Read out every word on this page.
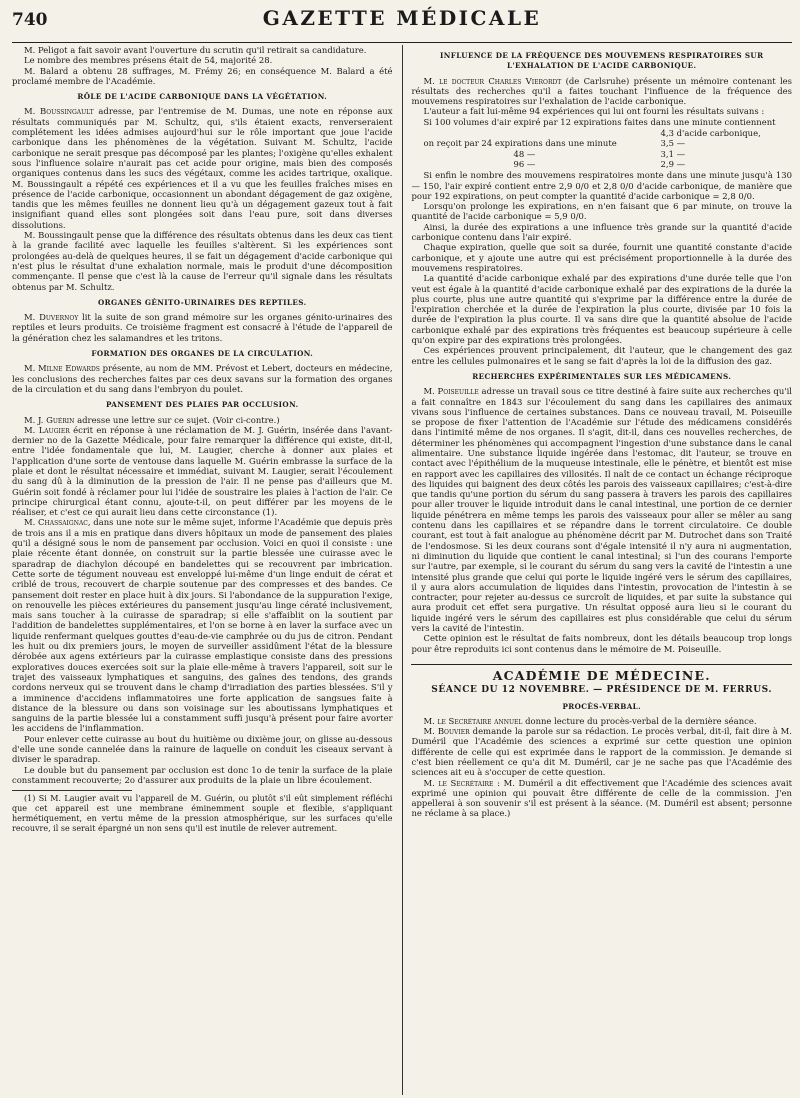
740	GAZETTE MÉDICALE

M. Peligot a fait savoir avant l'ouverture du scrutin qu'il retirait sa candidature.

Le nombre des membres présens était de 54, majorité 28.

M. Balard a obtenu 28 suffrages, M. Frémy 26; en conséquence M. Balard a été proclamé membre de l'Académie.

RÔLE DE L'ACIDE CARBONIQUE DANS LA VÉGÉTATION.

M. Boussingault adresse, par l'entremise de M. Dumas, une note en réponse aux résultats communiqués par M. Schultz, qui, s'ils étaient exacts, renverseraient complétement les idées admises aujourd'hui sur le rôle important que joue l'acide carbonique dans les phénomènes de la végétation. Suivant M. Schultz, l'acide carbonique ne serait presque pas décomposé par les plantes; l'oxigène qu'elles exhalent sous l'influence solaire n'aurait pas cet acide pour origine, mais bien des composés organiques contenus dans les sucs des végétaux, comme les acides tartrique, oxalique. M. Boussingault a répété ces expériences et il a vu que les feuilles fraîches mises en présence de l'acide carbonique, occasionnent un abondant dégagement de gaz oxigène, tandis que les mêmes feuilles ne donnent lieu qu'à un dégagement gazeux tout à fait insignifiant quand elles sont plongées soit dans l'eau pure, soit dans diverses dissolutions.

M. Boussingault pense que la différence des résultats obtenus dans les deux cas tient à la grande facilité avec laquelle les feuilles s'altèrent. Si les expériences sont prolongées au-delà de quelques heures, il se fait un dégagement d'acide carbonique qui n'est plus le résultat d'une exhalation normale, mais le produit d'une décomposition commençante. Il pense que c'est là la cause de l'erreur qu'il signale dans les résultats obtenus par M. Schultz.

ORGANES GÉNITO-URINAIRES DES REPTILES.

M. Duvernoy lit la suite de son grand mémoire sur les organes génito-urinaires des reptiles et leurs produits. Ce troisième fragment est consacré à l'étude de l'appareil de la génération chez les salamandres et les tritons.

FORMATION DES ORGANES DE LA CIRCULATION.

M. Milne Edwards présente, au nom de MM. Prévost et Lebert, docteurs en médecine, les conclusions des recherches faites par ces deux savans sur la formation des organes de la circulation et du sang dans l'embryon du poulet.

PANSEMENT DES PLAIES PAR OCCLUSION.

M. J. Guérin adresse une lettre sur ce sujet. (Voir ci-contre.)

M. Laugier écrit en réponse à une réclamation de M. J. Guérin, insérée dans l'avant-dernier no de la Gazette Médicale, pour faire remarquer la différence qui existe, dit-il, entre l'idée fondamentale que lui, M. Laugier, cherche à donner aux plaies et l'application d'une sorte de ventouse dans laquelle M. Guérin embrasse la surface de la plaie et dont le résultat nécessaire et immédiat, suivant M. Laugier, serait l'écoulement du sang dû à la diminution de la pression de l'air. Il ne pense pas d'ailleurs que M. Guérin soit fondé à réclamer pour lui l'idée de soustraire les plaies à l'action de l'air. Ce principe chirurgical étant connu, ajoute-t-il, on peut différer par les moyens de le réaliser, et c'est ce qui aurait lieu dans cette circonstance (1).

M. Chassaignac, dans une note sur le même sujet, informe l'Académie que depuis près de trois ans il a mis en pratique dans divers hôpitaux un mode de pansement des plaies qu'il a désigné sous le nom de pansement par occlusion. Voici en quoi il consiste : une plaie récente étant donnée, on construit sur la partie blessée une cuirasse avec le sparadrap de diachylon découpé en bandelettes qui se recouvrent par imbrication. Cette sorte de tégument nouveau est enveloppé lui-même d'un linge enduit de cérat et criblé de trous, recouvert de charpie soutenue par des compresses et des bandes. Ce pansement doit rester en place huit à dix jours. Si l'abondance de la suppuration l'exige, on renouvelle les pièces extérieures du pansement jusqu'au linge cératé inclusivement, mais sans toucher à la cuirasse de sparadrap; si elle s'affaiblit on la soutient par l'addition de bandelettes supplémentaires, et l'on se borne à en laver la surface avec un liquide renfermant quelques gouttes d'eau-de-vie camphrée ou du jus de citron. Pendant les huit ou dix premiers jours, le moyen de surveiller assidûment l'état de la blessure dérobée aux agens extérieurs par la cuirasse emplastique consiste dans des pressions exploratives douces exercées soit sur la plaie elle-même à travers l'appareil, soit sur le trajet des vaisseaux lymphatiques et sanguins, des gaînes des tendons, des grands cordons nerveux qui se trouvent dans le champ d'irradiation des parties blessées. S'il y a imminence d'accidens inflammatoires une forte application de sangsues faite à distance de la blessure ou dans son voisinage sur les aboutissans lymphatiques et sanguins de la partie blessée lui a constamment suffi jusqu'à présent pour faire avorter les accidens de l'inflammation.

Pour enlever cette cuirasse au bout du huitième ou dixième jour, on glisse au-dessous d'elle une sonde cannelée dans la rainure de laquelle on conduit les ciseaux servant à diviser le sparadrap.

Le double but du pansement par occlusion est donc 1o de tenir la surface de la plaie constamment recouverte; 2o d'assurer aux produits de la plaie un libre écoulement.

(1) Si M. Laugier avait vu l'appareil de M. Guérin, ou plutôt s'il eût simplement réfléchi que cet appareil est une membrane éminemment souple et flexible, s'appliquant hermétiquement, en vertu même de la pression atmosphérique, sur les surfaces qu'elle recouvre, il se serait épargné un non sens qu'il est inutile de relever autrement.

INFLUENCE DE LA FRÉQUENCE DES MOUVEMENS RESPIRATOIRES SUR L'EXHALATION DE L'ACIDE CARBONIQUE.

M. le docteur Charles Vierordt (de Carlsruhe) présente un mémoire contenant les résultats des recherches qu'il a faites touchant l'influence de la fréquence des mouvemens respiratoires sur l'exhalation de l'acide carbonique.

L'auteur a fait lui-même 94 expériences qui lui ont fourni les résultats suivans :

Si 100 volumes d'air expiré par 12 expirations faites dans une minute contiennent

	4,3 d'acide carbonique,
on reçoit par 24 expirations dans une minute	3,5 —
48 —	3,1 —
96 —	2,9 —

Si enfin le nombre des mouvemens respiratoires monte dans une minute jusqu'à 130 — 150, l'air expiré contient entre 2,9 0/0 et 2,8 0/0 d'acide carbonique, de manière que pour 192 expirations, on peut compter la quantité d'acide carbonique = 2,8 0/0.

Lorsqu'on prolonge les expirations, en n'en faisant que 6 par minute, on trouve la quantité de l'acide carbonique = 5,9 0/0.

Ainsi, la durée des expirations a une influence très grande sur la quantité d'acide carbonique contenu dans l'air expiré.

Chaque expiration, quelle que soit sa durée, fournit une quantité constante d'acide carbonique, et y ajoute une autre qui est précisément proportionnelle à la durée des mouvemens respiratoires.

La quantité d'acide carbonique exhalé par des expirations d'une durée telle que l'on veut est égale à la quantité d'acide carbonique exhalé par des expirations de la durée la plus courte, plus une autre quantité qui s'exprime par la différence entre la durée de l'expiration cherchée et la durée de l'expiration la plus courte, divisée par 10 fois la durée de l'expiration la plus courte. Il va sans dire que la quantité absolue de l'acide carbonique exhalé par des expirations très fréquentes est beaucoup supérieure à celle qu'on expire par des expirations très prolongées.

Ces expériences prouvent principalement, dit l'auteur, que le changement des gaz entre les cellules pulmonaires et le sang se fait d'après la loi de la diffusion des gaz.

RECHERCHES EXPÉRIMENTALES SUR LES MÉDICAMENS.

M. Poiseuille adresse un travail sous ce titre destiné à faire suite aux recherches qu'il a fait connaître en 1843 sur l'écoulement du sang dans les capillaires des animaux vivans sous l'influence de certaines substances. Dans ce nouveau travail, M. Poiseuille se propose de fixer l'attention de l'Académie sur l'étude des médicamens considérés dans l'intimité même de nos organes. Il s'agit, dit-il, dans ces nouvelles recherches, de déterminer les phénomènes qui accompagnent l'ingestion d'une substance dans le canal alimentaire. Une substance liquide ingérée dans l'estomac, dit l'auteur, se trouve en contact avec l'épithélium de la muqueuse intestinale, elle le pénètre, et bientôt est mise en rapport avec les capillaires des villosités. Il naît de ce contact un échange réciproque des liquides qui baignent des deux côtés les parois des vaisseaux capillaires; c'est-à-dire que tandis qu'une portion du sérum du sang passera à travers les parois des capillaires pour aller trouver le liquide introduit dans le canal intestinal, une portion de ce dernier liquide pénétrera en même temps les parois des vaisseaux pour aller se mêler au sang contenu dans les capillaires et se répandre dans le torrent circulatoire. Ce double courant, est tout à fait analogue au phénomène décrit par M. Dutrochet dans son Traité de l'endosmose. Si les deux courans sont d'égale intensité il n'y aura ni augmentation, ni diminution du liquide que contient le canal intestinal; si l'un des courans l'emporte sur l'autre, par exemple, si le courant du sérum du sang vers la cavité de l'intestin a une intensité plus grande que celui qui porte le liquide ingéré vers le sérum des capillaires, il y aura alors accumulation de liquides dans l'intestin, provocation de l'intestin à se contracter, pour rejeter au-dessus ce surcroît de liquides, et par suite la substance qui aura produit cet effet sera purgative. Un résultat opposé aura lieu si le courant du liquide ingéré vers le sérum des capillaires est plus considérable que celui du sérum vers la cavité de l'intestin.

Cette opinion est le résultat de faits nombreux, dont les détails beaucoup trop longs pour être reproduits ici sont contenus dans le mémoire de M. Poiseuille.

ACADÉMIE DE MÉDECINE.
SÉANCE DU 12 NOVEMBRE. — PRÉSIDENCE DE M. FERRUS.
PROCÈS-VERBAL.

M. le Secrétaire annuel donne lecture du procès-verbal de la dernière séance.

M. Bouvier demande la parole sur sa rédaction. Le procès verbal, dit-il, fait dire à M. Duméril que l'Académie des sciences a exprimé sur cette question une opinion différente de celle qui est exprimée dans le rapport de la commission. Je demande si c'est bien réellement ce qu'a dit M. Duméril, car je ne sache pas que l'Académie des sciences ait eu à s'occuper de cette question.

M. le Secrétaire : M. Duméril a dit effectivement que l'Académie des sciences avait exprimé une opinion qui pouvait être différente de celle de la commission. J'en appellerai à son souvenir s'il est présent à la séance. (M. Duméril est absent; personne ne réclame à sa place.)
